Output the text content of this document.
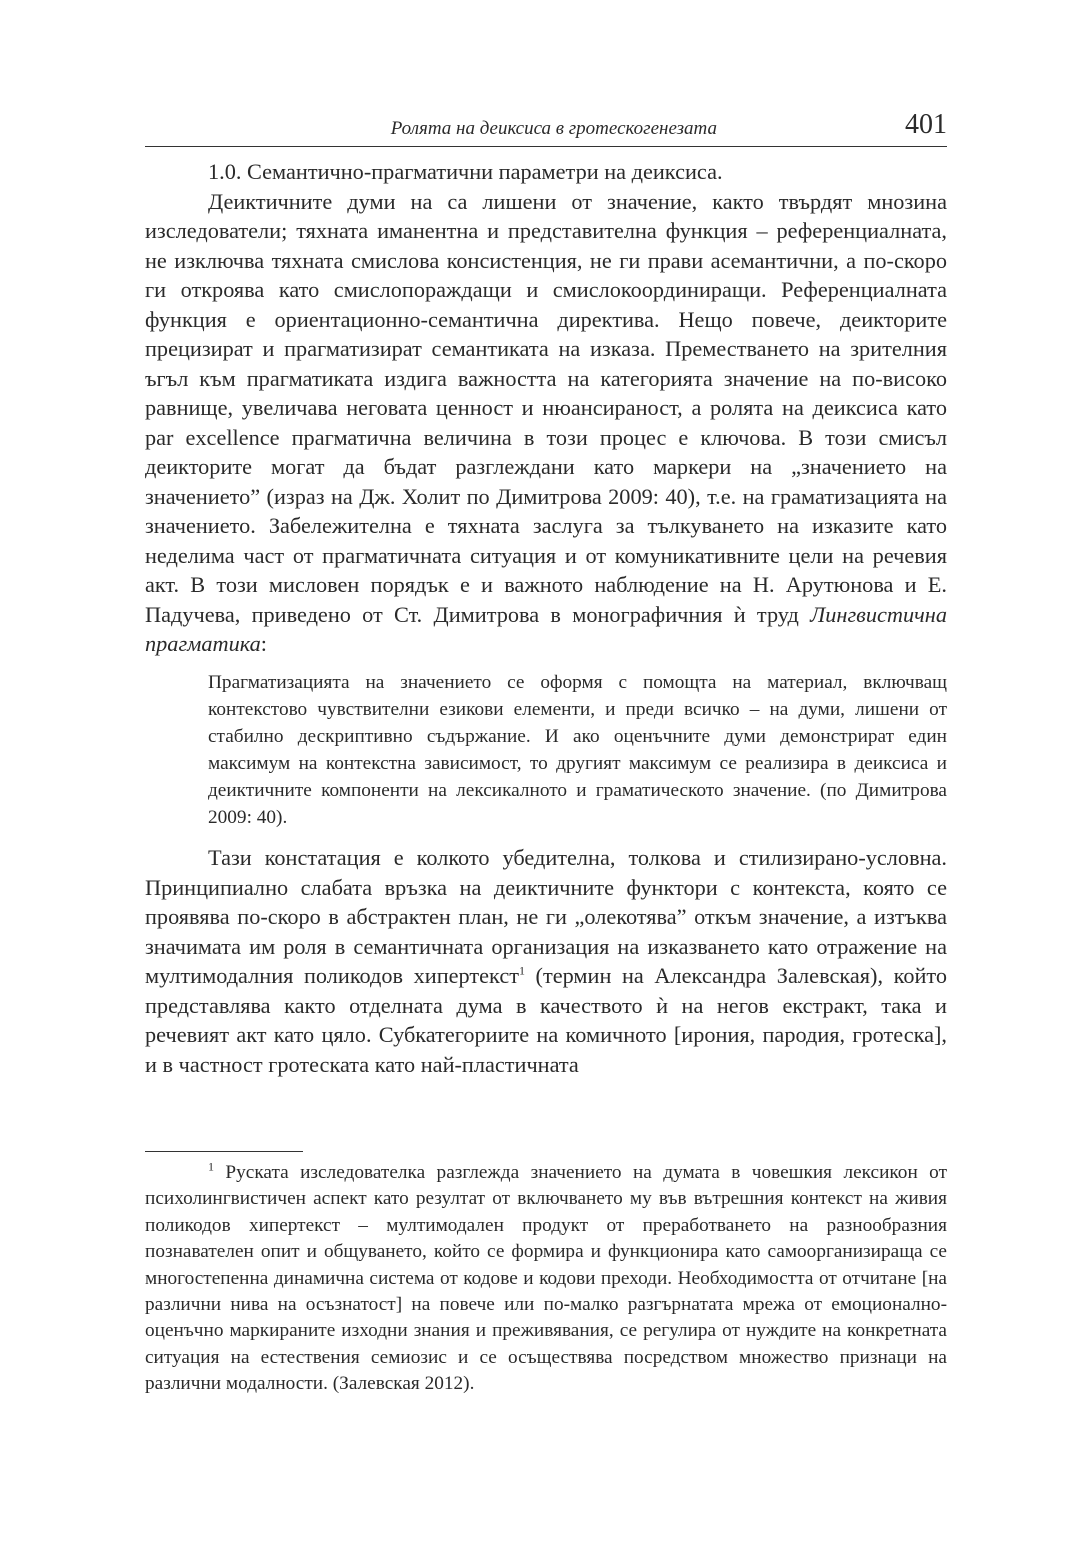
Ролята на деиксиса в гротескогенезата	401

1.0. Семантично-прагматични параметри на деиксиса.

Деиктичните думи на са лишени от значение, както твърдят мнозина изследователи; тяхната иманентна и представителна функция – референциалната, не изключва тяхната смислова консистенция, не ги прави асемантични, а по-скоро ги откроява като смислопораждащи и смислокоординиращи. Референциалната функция е ориентационно-семантична директива. Нещо повече, деикторите прецизират и прагматизират семантиката на изказа. Преместването на зрителния ъгъл към прагматиката издига важността на категорията значение на по-високо равнище, увеличава неговата ценност и нюансираност, а ролята на деиксиса като par excellence прагматична величина в този процес е ключова. В този смисъл деикторите могат да бъдат разглеждани като маркери на „значението на значението” (израз на Дж. Холит по Димитрова 2009: 40), т.е. на граматизацията на значението. Забележителна е тяхната заслуга за тълкуването на изказите като неделима част от прагматичната ситуация и от комуникативните цели на речевия акт. В този мисловен порядък е и важното наблюдение на Н. Арутюнова и Е. Падучева, приведено от Ст. Димитрова в монографичния ѝ труд Лингвистична прагматика:

Прагматизацията на значението се оформя с помощта на материал, включващ контекстово чувствителни езикови елементи, и преди всичко – на думи, лишени от стабилно дескриптивно съдържание. И ако оценъчните думи демонстрират един максимум на контекстна зависимост, то другият максимум се реализира в деиксиса и деиктичните компоненти на лексикалното и граматическото значение. (по Димитрова 2009: 40).

Тази констатация е колкото убедителна, толкова и стилизирано-условна. Принципиално слабата връзка на деиктичните функтори с контекста, която се проявява по-скоро в абстрактен план, не ги „олекотява” откъм значение, а изтъква значимата им роля в семантичната организация на изказването като отражение на мултимодалния поликодов хипертекст$^1$ (термин на Александра Залевская), който представлява както отделната дума в качеството ѝ на негов екстракт, така и речевият акт като цяло. Субкатегориите на комичното [ирония, пародия, гротеска], и в частност гротеската като най-пластичната

$^1$ Руската изследователка разглежда значението на думата в човешкия лексикон от психолингвистичен аспект като резултат от включването му във вътрешния контекст на живия поликодов хипертекст – мултимодален продукт от преработването на разнообразния познавателен опит и общуването, който се формира и функционира като самоорганизираща се многостепенна динамична система от кодове и кодови преходи. Необходимостта от отчитане [на различни нива на осъзнатост] на повече или по-малко разгърнатата мрежа от емоционално-оценъчно маркираните изходни знания и преживявания, се регулира от нуждите на конкретната ситуация на естествения семиозис и се осъществява посредством множество признаци на различни модалности. (Залевская 2012).
